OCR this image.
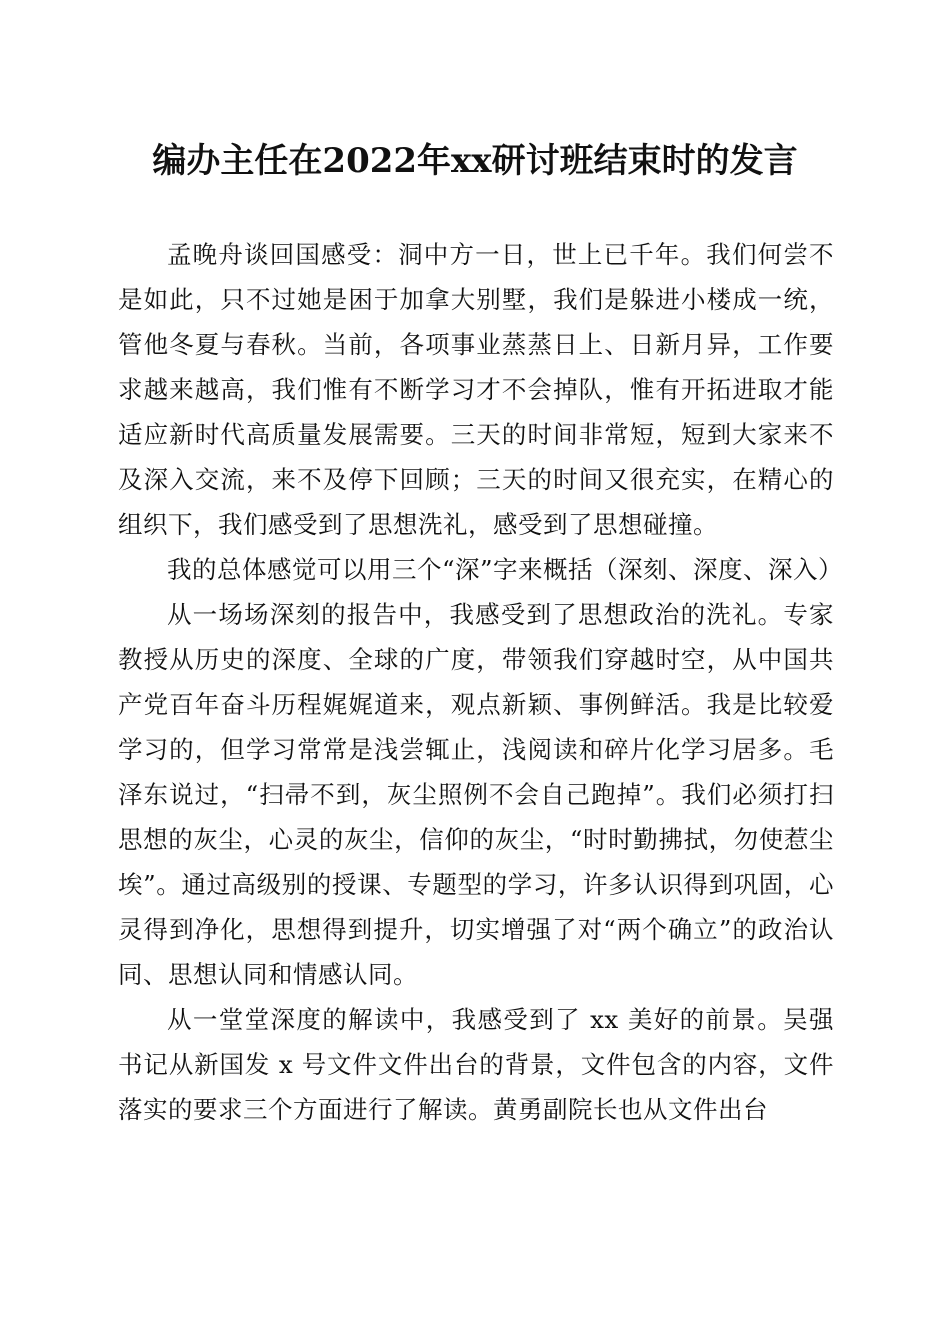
编办主任在2022年xx研讨班结束时的发言

孟晚舟谈回国感受：洞中方一日，世上已千年。我们何尝不是如此，只不过她是困于加拿大别墅，我们是躲进小楼成一统，管他冬夏与春秋。当前，各项事业蒸蒸日上、日新月异，工作要求越来越高，我们惟有不断学习才不会掉队，惟有开拓进取才能适应新时代高质量发展需要。三天的时间非常短，短到大家来不及深入交流，来不及停下回顾；三天的时间又很充实，在精心的组织下，我们感受到了思想洗礼，感受到了思想碰撞。

我的总体感觉可以用三个“深”字来概括（深刻、深度、深入）

从一场场深刻的报告中，我感受到了思想政治的洗礼。专家教授从历史的深度、全球的广度，带领我们穿越时空，从中国共产党百年奋斗历程娓娓道来，观点新颖、事例鲜活。我是比较爱学习的，但学习常常是浅尝辄止，浅阅读和碎片化学习居多。毛泽东说过，“扫帚不到，灰尘照例不会自己跑掉”。我们必须打扫思想的灰尘，心灵的灰尘，信仰的灰尘，“时时勤拂拭，勿使惹尘埃”。通过高级别的授课、专题型的学习，许多认识得到巩固，心灵得到净化，思想得到提升，切实增强了对“两个确立”的政治认同、思想认同和情感认同。

从一堂堂深度的解读中，我感受到了 xx 美好的前景。吴强书记从新国发 x 号文件文件出台的背景，文件包含的内容，文件落实的要求三个方面进行了解读。黄勇副院长也从文件出台
